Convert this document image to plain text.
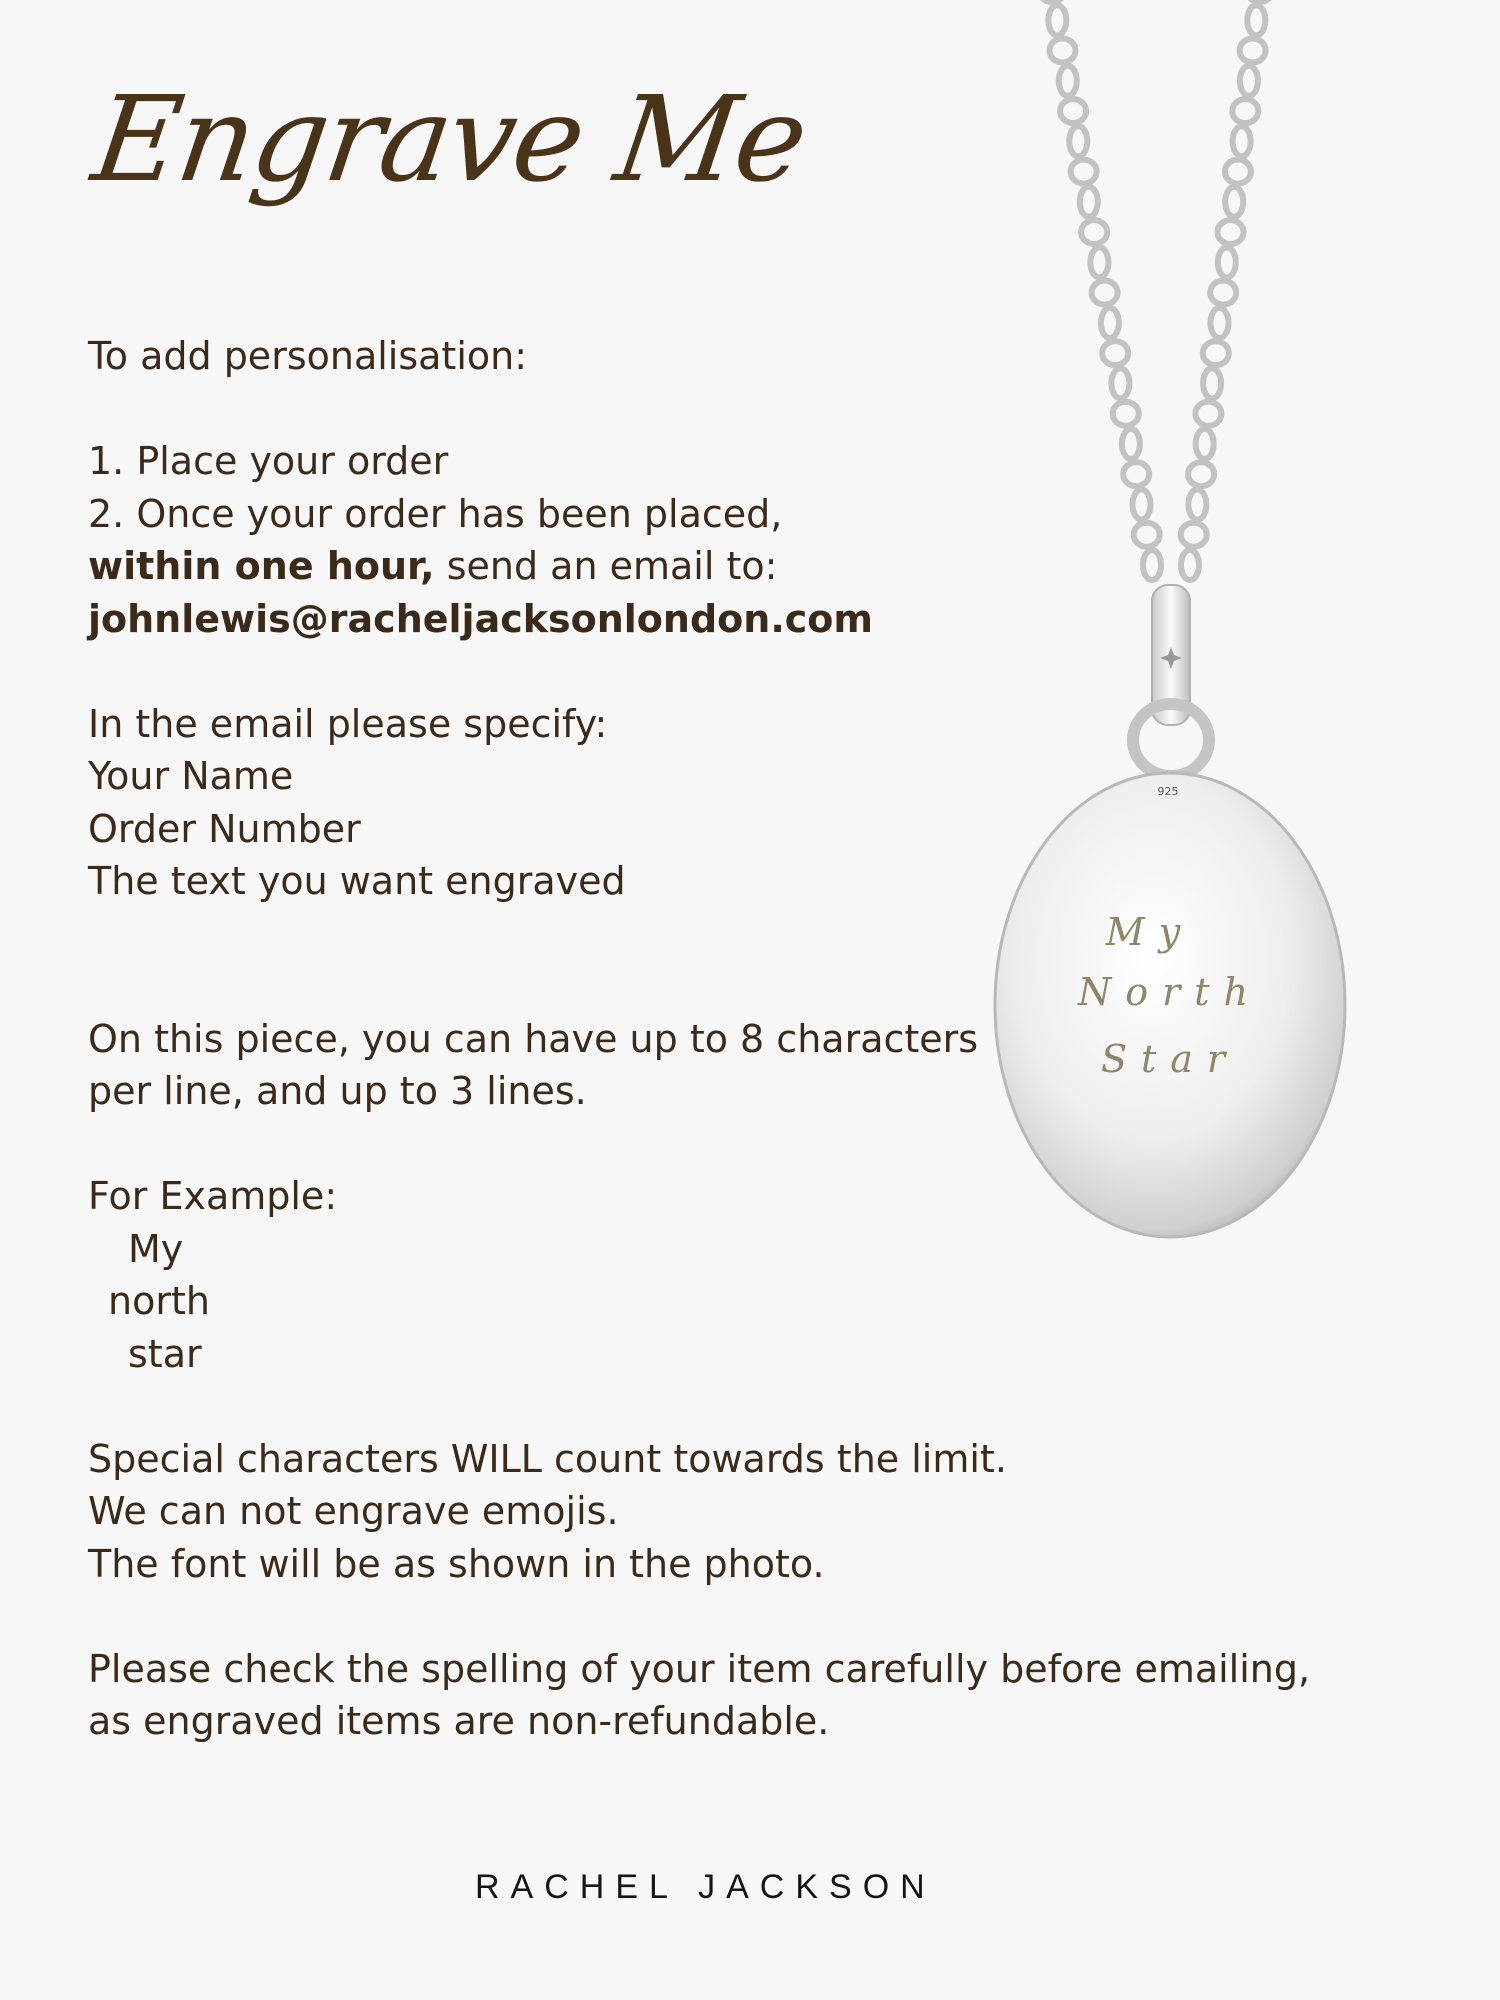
Engrave Me
To add personalisation:
1. Place your order
2. Once your order has been placed,
within one hour, send an email to:
johnlewis@racheljacksonlondon.com
In the email please specify:
Your Name
Order Number
The text you want engraved
On this piece, you can have up to 8 characters
per line, and up to 3 lines.
For Example:
My
north
star
Special characters WILL count towards the limit.
We can not engrave emojis.
The font will be as shown in the photo.
Please check the spelling of your item carefully before emailing,
as engraved items are non-refundable.
925
My
North
Star
RACHEL JACKSON
